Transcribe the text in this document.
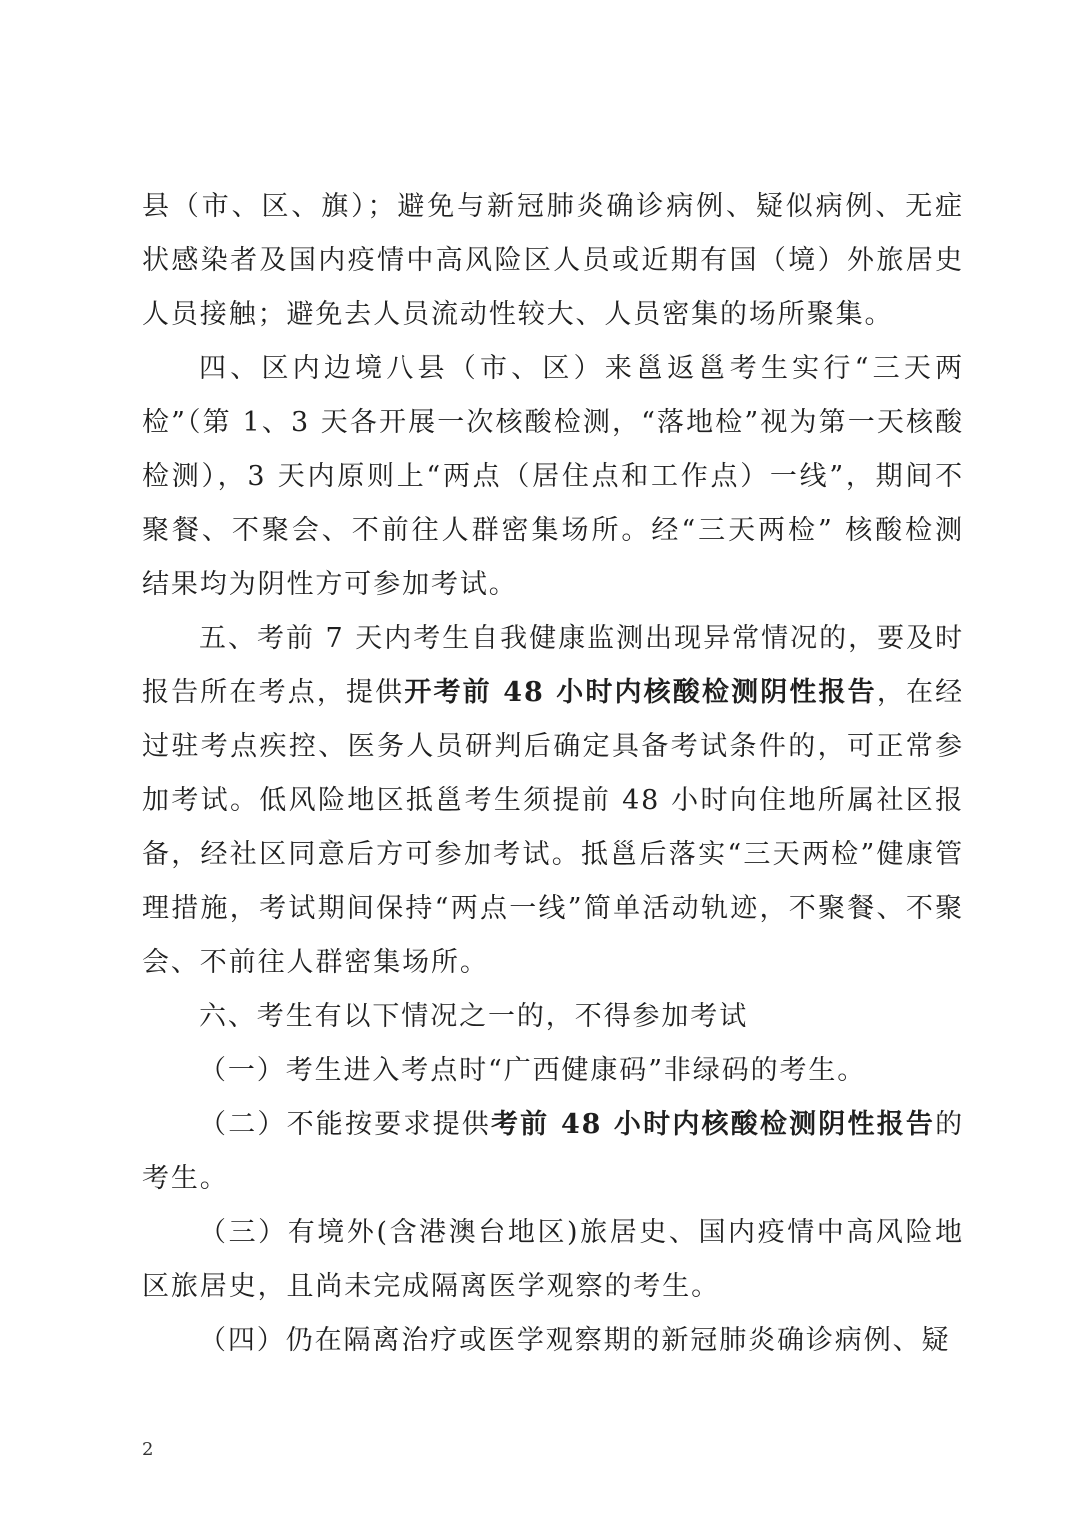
县（市、区、旗）；避免与新冠肺炎确诊病例、疑似病例、无症状感染者及国内疫情中高风险区人员或近期有国（境）外旅居史人员接触；避免去人员流动性较大、人员密集的场所聚集。

四、区内边境八县（市、区）来邕返邕考生实行“三天两检”（第 1、3 天各开展一次核酸检测，“落地检”视为第一天核酸检测），3 天内原则上“两点（居住点和工作点）一线”，期间不聚餐、不聚会、不前往人群密集场所。经“三天两检” 核酸检测结果均为阴性方可参加考试。

五、考前 7 天内考生自我健康监测出现异常情况的，要及时报告所在考点，提供开考前 48 小时内核酸检测阴性报告，在经过驻考点疾控、医务人员研判后确定具备考试条件的，可正常参加考试。低风险地区抵邕考生须提前 48 小时向住地所属社区报备，经社区同意后方可参加考试。抵邕后落实“三天两检”健康管理措施，考试期间保持“两点一线”简单活动轨迹，不聚餐、不聚会、不前往人群密集场所。

六、考生有以下情况之一的，不得参加考试

（一）考生进入考点时“广西健康码”非绿码的考生。

（二）不能按要求提供考前 48 小时内核酸检测阴性报告的考生。

（三）有境外(含港澳台地区)旅居史、国内疫情中高风险地区旅居史，且尚未完成隔离医学观察的考生。

（四）仍在隔离治疗或医学观察期的新冠肺炎确诊病例、疑

2
